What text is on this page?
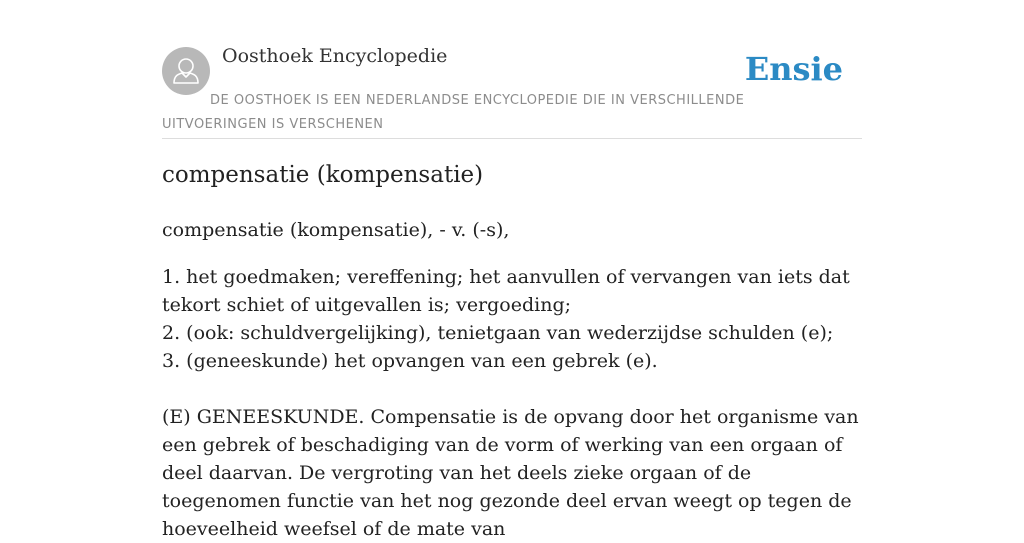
Oosthoek Encyclopedie	Ensie
DE OOSTHOEK IS EEN NEDERLANDSE ENCYCLOPEDIE DIE IN VERSCHILLENDE UITVOERINGEN IS VERSCHENEN
compensatie (kompensatie)

compensatie (kompensatie), - v. (-s),

1. het goedmaken; vereffening; het aanvullen of vervangen van iets dat tekort schiet of uitgevallen is; vergoeding;

2. (ook: schuldvergelijking), tenietgaan van wederzijdse schulden (e);

3. (geneeskunde) het opvangen van een gebrek (e).

(E) GENEESKUNDE. Compensatie is de opvang door het organisme van een gebrek of beschadiging van de vorm of werking van een orgaan of deel daarvan. De vergroting van het deels zieke orgaan of de toegenomen functie van het nog gezonde deel ervan weegt op tegen de hoeveelheid weefsel of de mate van
